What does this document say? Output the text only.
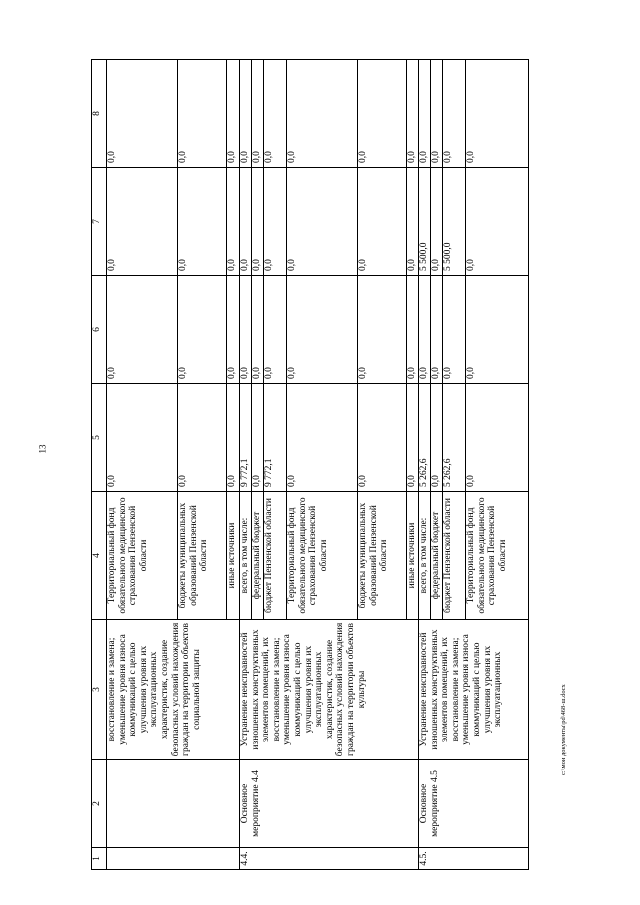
13
1	2	3	4	5	6	7	8
		восстановление и замена; уменьшение уровня износа коммуникаций с целью улучшения уровня их эксплуатационных характеристик, создание безопасных условий нахождения граждан на территории объектов социальной защиты	Территориальный фонд обязательного медицинского страхования Пензенской области	0,0	0,0	0,0	0,0
			бюджеты муниципальных образований Пензенской области	0,0	0,0	0,0	0,0
			иные источники	0,0	0,0	0,0	0,0
4.4.	Основное мероприятие 4.4	Устранение неисправностей изношенных конструктивных элементов помещений, их восстановление и замена; уменьшение уровня износа коммуникаций с целью улучшения уровня их эксплуатационных характеристик, создание безопасных условий нахождения граждан на территории объектов культуры	всего, в том числе:	9 772,1	0,0	0,0	0,0
			федеральный бюджет	0,0	0,0	0,0	0,0
			бюджет Пензенской области	9 772,1	0,0	0,0	0,0
			Территориальный фонд обязательного медицинского страхования Пензенской области	0,0	0,0	0,0	0,0
			бюджеты муниципальных образований Пензенской области	0,0	0,0	0,0	0,0
			иные источники	0,0	0,0	0,0	0,0
4.5.	Основное мероприятие 4.5	Устранение неисправностей изношенных конструктивных элементов помещений, их восстановление и замена; уменьшение уровня износа коммуникаций с целью улучшения уровня их эксплуатационных	всего, в том числе:	5 262,6	0,0	5 500,0	0,0
			федеральный бюджет	0,0	0,0	0,0	0,0
			бюджет Пензенской области	5 262,6	0,0	5 500,0	0,0
			Территориальный фонд обязательного медицинского страхования Пензенской области	0,0	0,0	0,0	0,0
c:\мои документы\pd\468-ш.docx
